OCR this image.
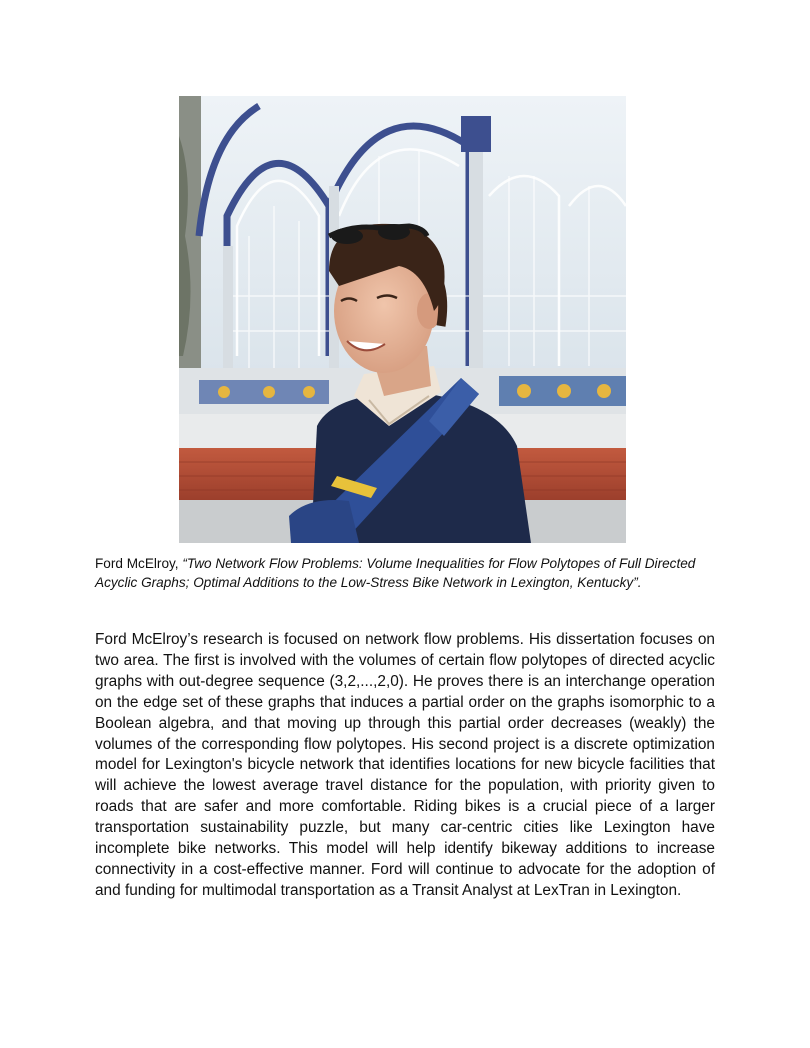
Ford McElroy, “Two Network Flow Problems: Volume Inequalities for Flow Polytopes of Full Directed Acyclic Graphs; Optimal Additions to the Low-Stress Bike Network in Lexington, Kentucky”.

Ford McElroy’s research is focused on network flow problems. His dissertation focuses on two area. The first is involved with the volumes of certain flow polytopes of directed acyclic graphs with out-degree sequence (3,2,...,2,0). He proves there is an interchange operation on the edge set of these graphs that induces a partial order on the graphs isomorphic to a Boolean algebra, and that moving up through this partial order decreases (weakly) the volumes of the corresponding flow polytopes. His second project is a discrete optimization model for Lexington's bicycle network that identifies locations for new bicycle facilities that will achieve the lowest average travel distance for the population, with priority given to roads that are safer and more comfortable. Riding bikes is a crucial piece of a larger transportation sustainability puzzle, but many car-centric cities like Lexington have incomplete bike networks. This model will help identify bikeway additions to increase connectivity in a cost-effective manner. Ford will continue to advocate for the adoption of and funding for multimodal transportation as a Transit Analyst at LexTran in Lexington.
